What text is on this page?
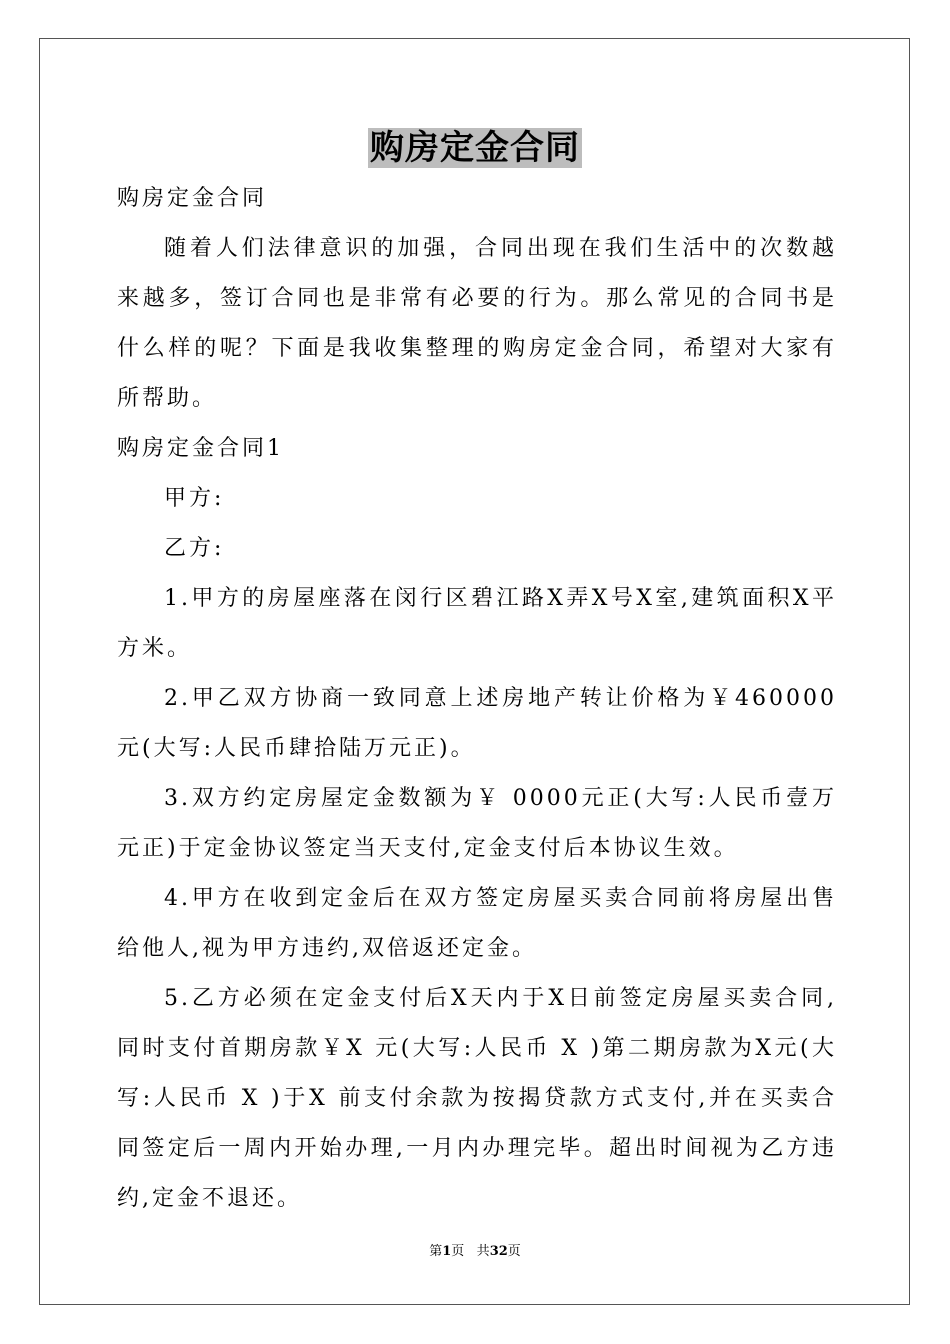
购房定金合同

购房定金合同

随着人们法律意识的加强，合同出现在我们生活中的次数越来越多，签订合同也是非常有必要的行为。那么常见的合同书是什么样的呢？下面是我收集整理的购房定金合同，希望对大家有所帮助。

购房定金合同1

甲方:

乙方:

1.甲方的房屋座落在闵行区碧江路X弄X号X室,建筑面积X平方米。

2.甲乙双方协商一致同意上述房地产转让价格为￥460000元(大写:人民币肆拾陆万元正)。

3.双方约定房屋定金数额为￥ 0000元正(大写:人民币壹万元正)于定金协议签定当天支付,定金支付后本协议生效。

4.甲方在收到定金后在双方签定房屋买卖合同前将房屋出售给他人,视为甲方违约,双倍返还定金。

5.乙方必须在定金支付后X天内于X日前签定房屋买卖合同,同时支付首期房款￥X 元(大写:人民币 X )第二期房款为X元(大写:人民币 X )于X 前支付余款为按揭贷款方式支付,并在买卖合同签定后一周内开始办理,一月内办理完毕。超出时间视为乙方违约,定金不退还。

第1页 共32页
